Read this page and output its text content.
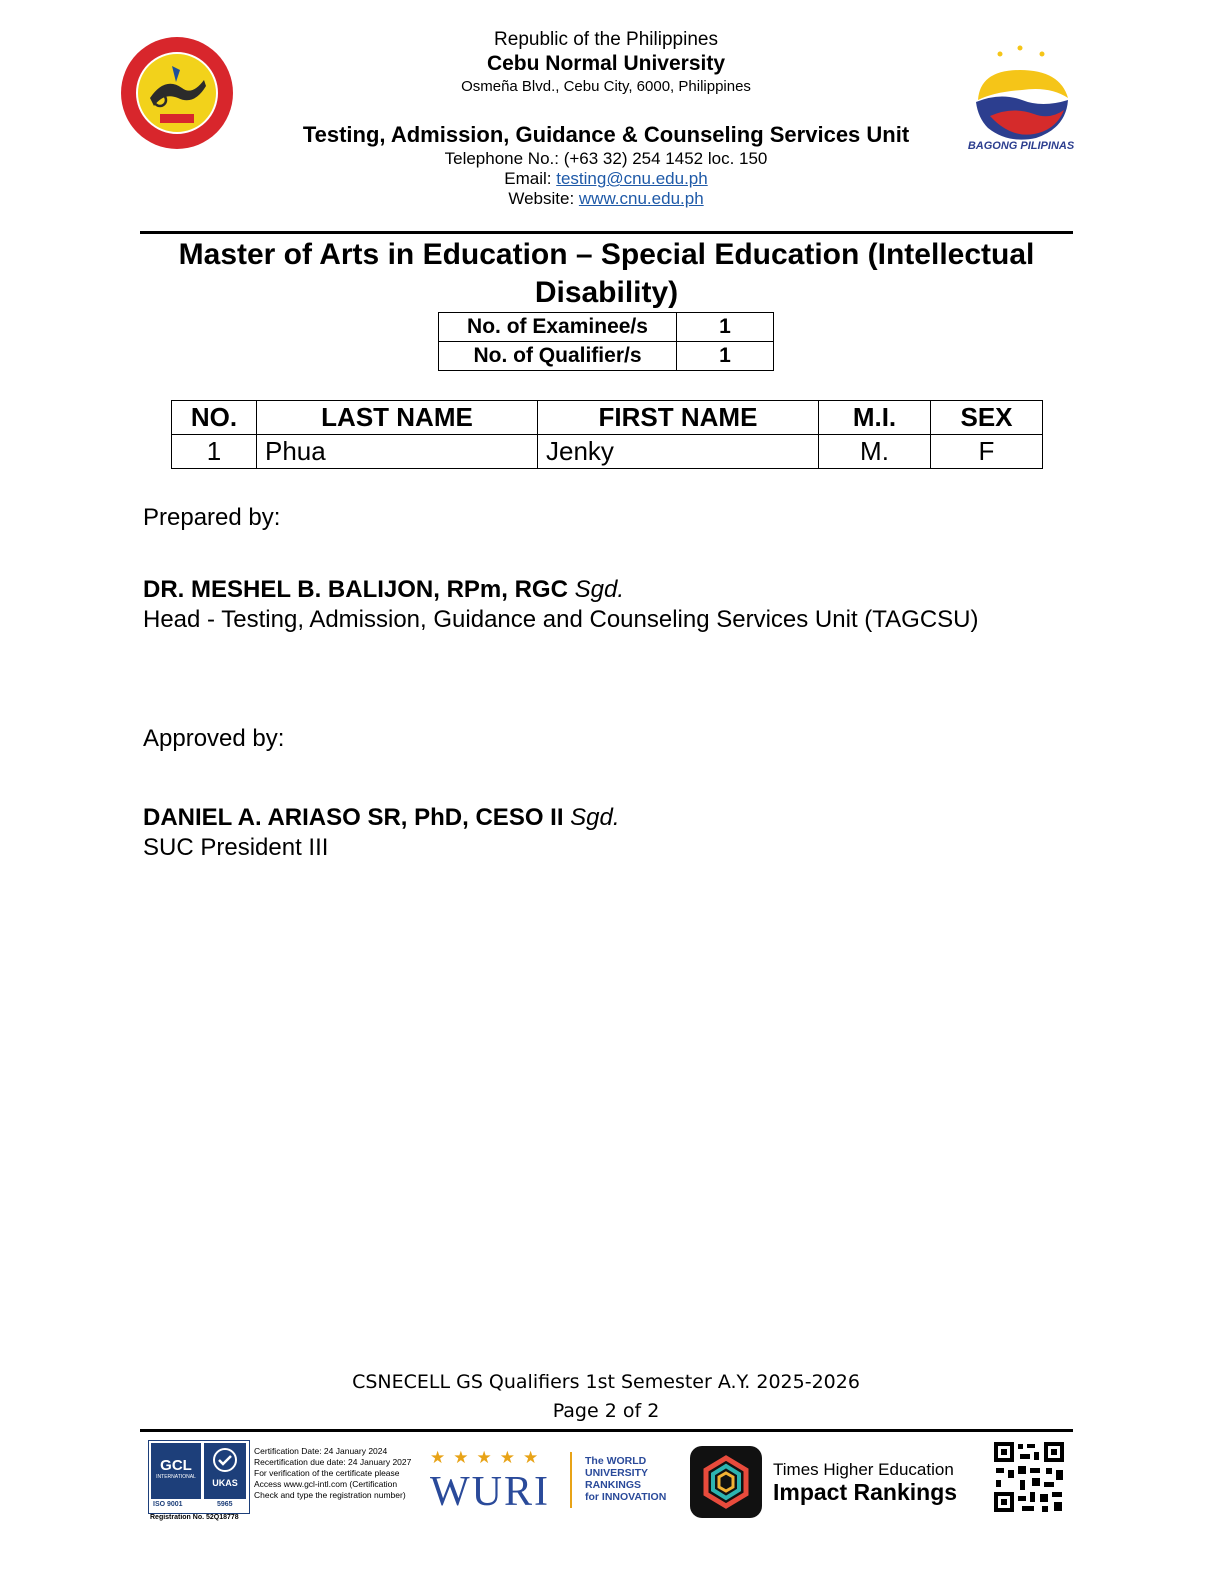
BAGONG PILIPINAS
Republic of the Philippines
Cebu Normal University
Osmeña Blvd., Cebu City, 6000, Philippines
Testing, Admission, Guidance & Counseling Services Unit
Telephone No.: (+63 32) 254 1452 loc. 150
Email: testing@cnu.edu.ph
Website: www.cnu.edu.ph
Master of Arts in Education – Special Education (Intellectual Disability)
No. of Examinee/s	1
No. of Qualifier/s	1
NO.	LAST NAME	FIRST NAME	M.I.	SEX
1	Phua	Jenky	M.	F
Prepared by:
DR. MESHEL B. BALIJON, RPm, RGC Sgd.
Head - Testing, Admission, Guidance and Counseling Services Unit (TAGCSU)
Approved by:
DANIEL A. ARIASO SR, PhD, CESO II Sgd.
SUC President III
CSNECELL GS Qualifiers 1st Semester A.Y. 2025-2026
Page 2 of 2
GCL
INTERNATIONAL
UKAS
ISO 9001	5965
Registration No. 52Q18778
Certification Date: 24 January 2024
Recertification due date: 24 January 2027
For verification of the certificate please
Access www.gcl-intl.com (Certification
Check and type the registration number)
★★★★★
WURI
The WORLD
UNIVERSITY
RANKINGS
for INNOVATION
Times Higher Education
Impact Rankings
